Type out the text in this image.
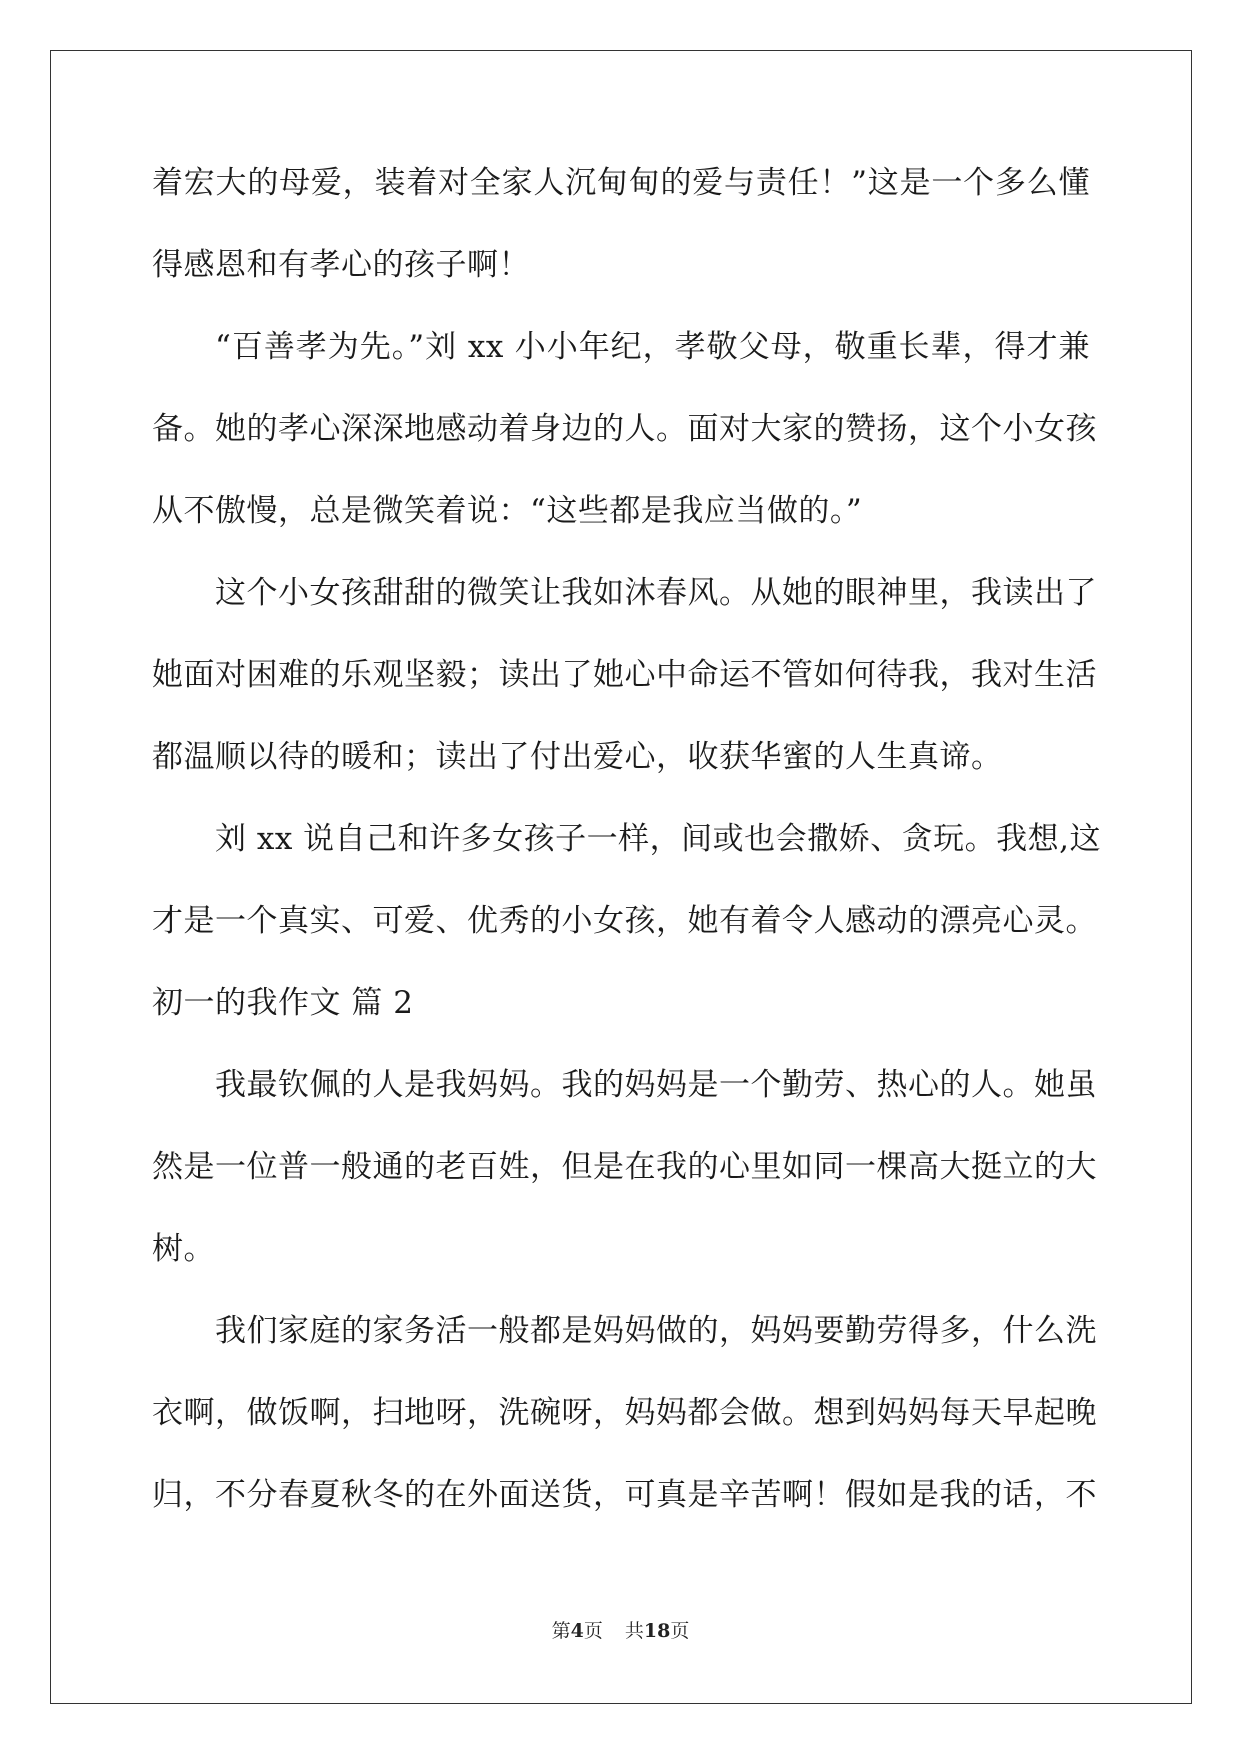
着宏大的母爱，装着对全家人沉甸甸的爱与责任！”这是一个多么懂
得感恩和有孝心的孩子啊！
“百善孝为先。”刘 xx 小小年纪，孝敬父母，敬重长辈，得才兼
备。她的孝心深深地感动着身边的人。面对大家的赞扬，这个小女孩
从不傲慢，总是微笑着说：“这些都是我应当做的。”
这个小女孩甜甜的微笑让我如沐春风。从她的眼神里，我读出了
她面对困难的乐观坚毅；读出了她心中命运不管如何待我，我对生活
都温顺以待的暖和；读出了付出爱心，收获华蜜的人生真谛。
刘 xx 说自己和许多女孩子一样，间或也会撒娇、贪玩。我想,这
才是一个真实、可爱、优秀的小女孩，她有着令人感动的漂亮心灵。
初一的我作文 篇 2
我最钦佩的人是我妈妈。我的妈妈是一个勤劳、热心的人。她虽
然是一位普一般通的老百姓，但是在我的心里如同一棵高大挺立的大
树。
我们家庭的家务活一般都是妈妈做的，妈妈要勤劳得多，什么洗
衣啊，做饭啊，扫地呀，洗碗呀，妈妈都会做。想到妈妈每天早起晚
归，不分春夏秋冬的在外面送货，可真是辛苦啊！假如是我的话，不
第4页 共18页
